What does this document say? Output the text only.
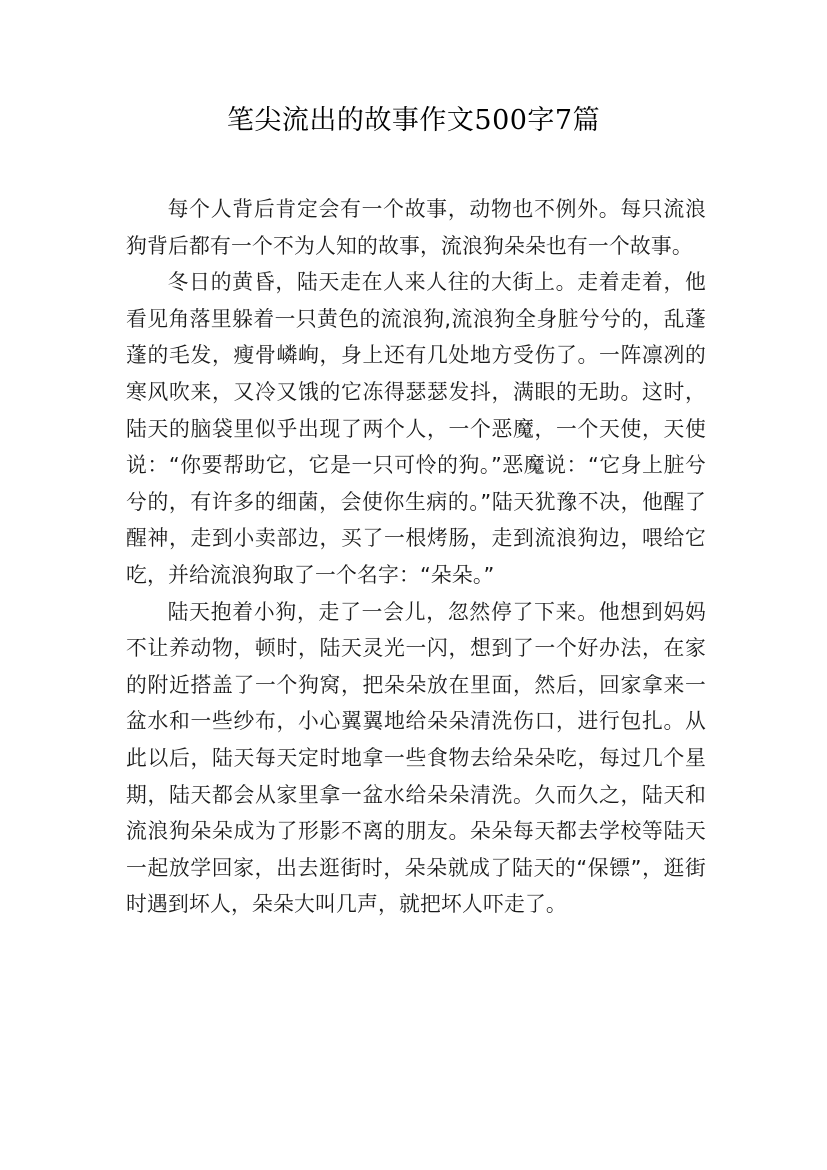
笔尖流出的故事作文500字7篇

每个人背后肯定会有一个故事，动物也不例外。每只流浪狗背后都有一个不为人知的故事，流浪狗朵朵也有一个故事。

冬日的黄昏，陆天走在人来人往的大街上。走着走着，他看见角落里躲着一只黄色的流浪狗,流浪狗全身脏兮兮的，乱蓬蓬的毛发，瘦骨嶙峋，身上还有几处地方受伤了。一阵凛冽的寒风吹来，又冷又饿的它冻得瑟瑟发抖，满眼的无助。这时，陆天的脑袋里似乎出现了两个人，一个恶魔，一个天使，天使说：“你要帮助它，它是一只可怜的狗。”恶魔说：“它身上脏兮兮的，有许多的细菌，会使你生病的。”陆天犹豫不决，他醒了醒神，走到小卖部边，买了一根烤肠，走到流浪狗边，喂给它吃，并给流浪狗取了一个名字：“朵朵。”

陆天抱着小狗，走了一会儿，忽然停了下来。他想到妈妈不让养动物，顿时，陆天灵光一闪，想到了一个好办法，在家的附近搭盖了一个狗窝，把朵朵放在里面，然后，回家拿来一盆水和一些纱布，小心翼翼地给朵朵清洗伤口，进行包扎。从此以后，陆天每天定时地拿一些食物去给朵朵吃，每过几个星期，陆天都会从家里拿一盆水给朵朵清洗。久而久之，陆天和流浪狗朵朵成为了形影不离的朋友。朵朵每天都去学校等陆天一起放学回家，出去逛街时，朵朵就成了陆天的“保镖”，逛街时遇到坏人，朵朵大叫几声，就把坏人吓走了。
